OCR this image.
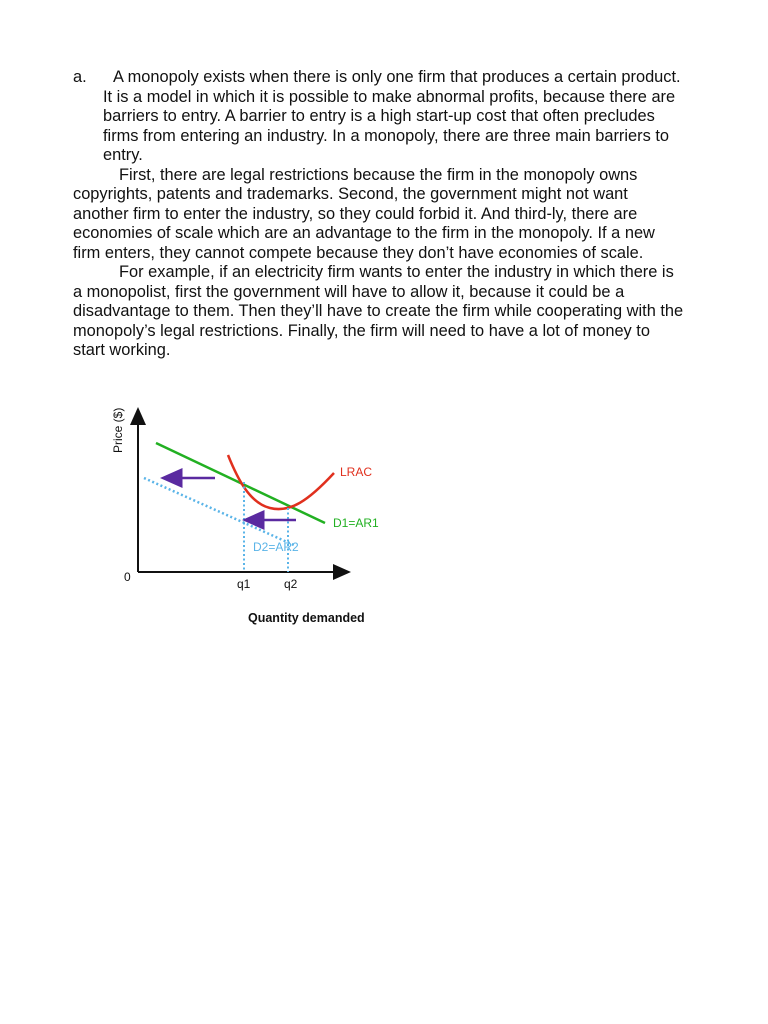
a. A monopoly exists when there is only one firm that produces a certain product. It is a model in which it is possible to make abnormal profits, because there are barriers to entry. A barrier to entry is a high start-up cost that often precludes firms from entering an industry. In a monopoly, there are three main barriers to entry.

First, there are legal restrictions because the firm in the monopoly owns copyrights, patents and trademarks. Second, the government might not want another firm to enter the industry, so they could forbid it. And third-ly, there are economies of scale which are an advantage to the firm in the monopoly. If a new firm enters, they cannot compete because they don’t have economies of scale.

For example, if an electricity firm wants to enter the industry in which there is a monopolist, first the government will have to allow it, because it could be a disadvantage to them. Then they’ll have to create the firm while cooperating with the monopoly’s legal restrictions. Finally, the firm will need to have a lot of money to start working.

Price ($)
0	q1	q2
LRAC
D1=AR1
D2=AR2
Quantity demanded
